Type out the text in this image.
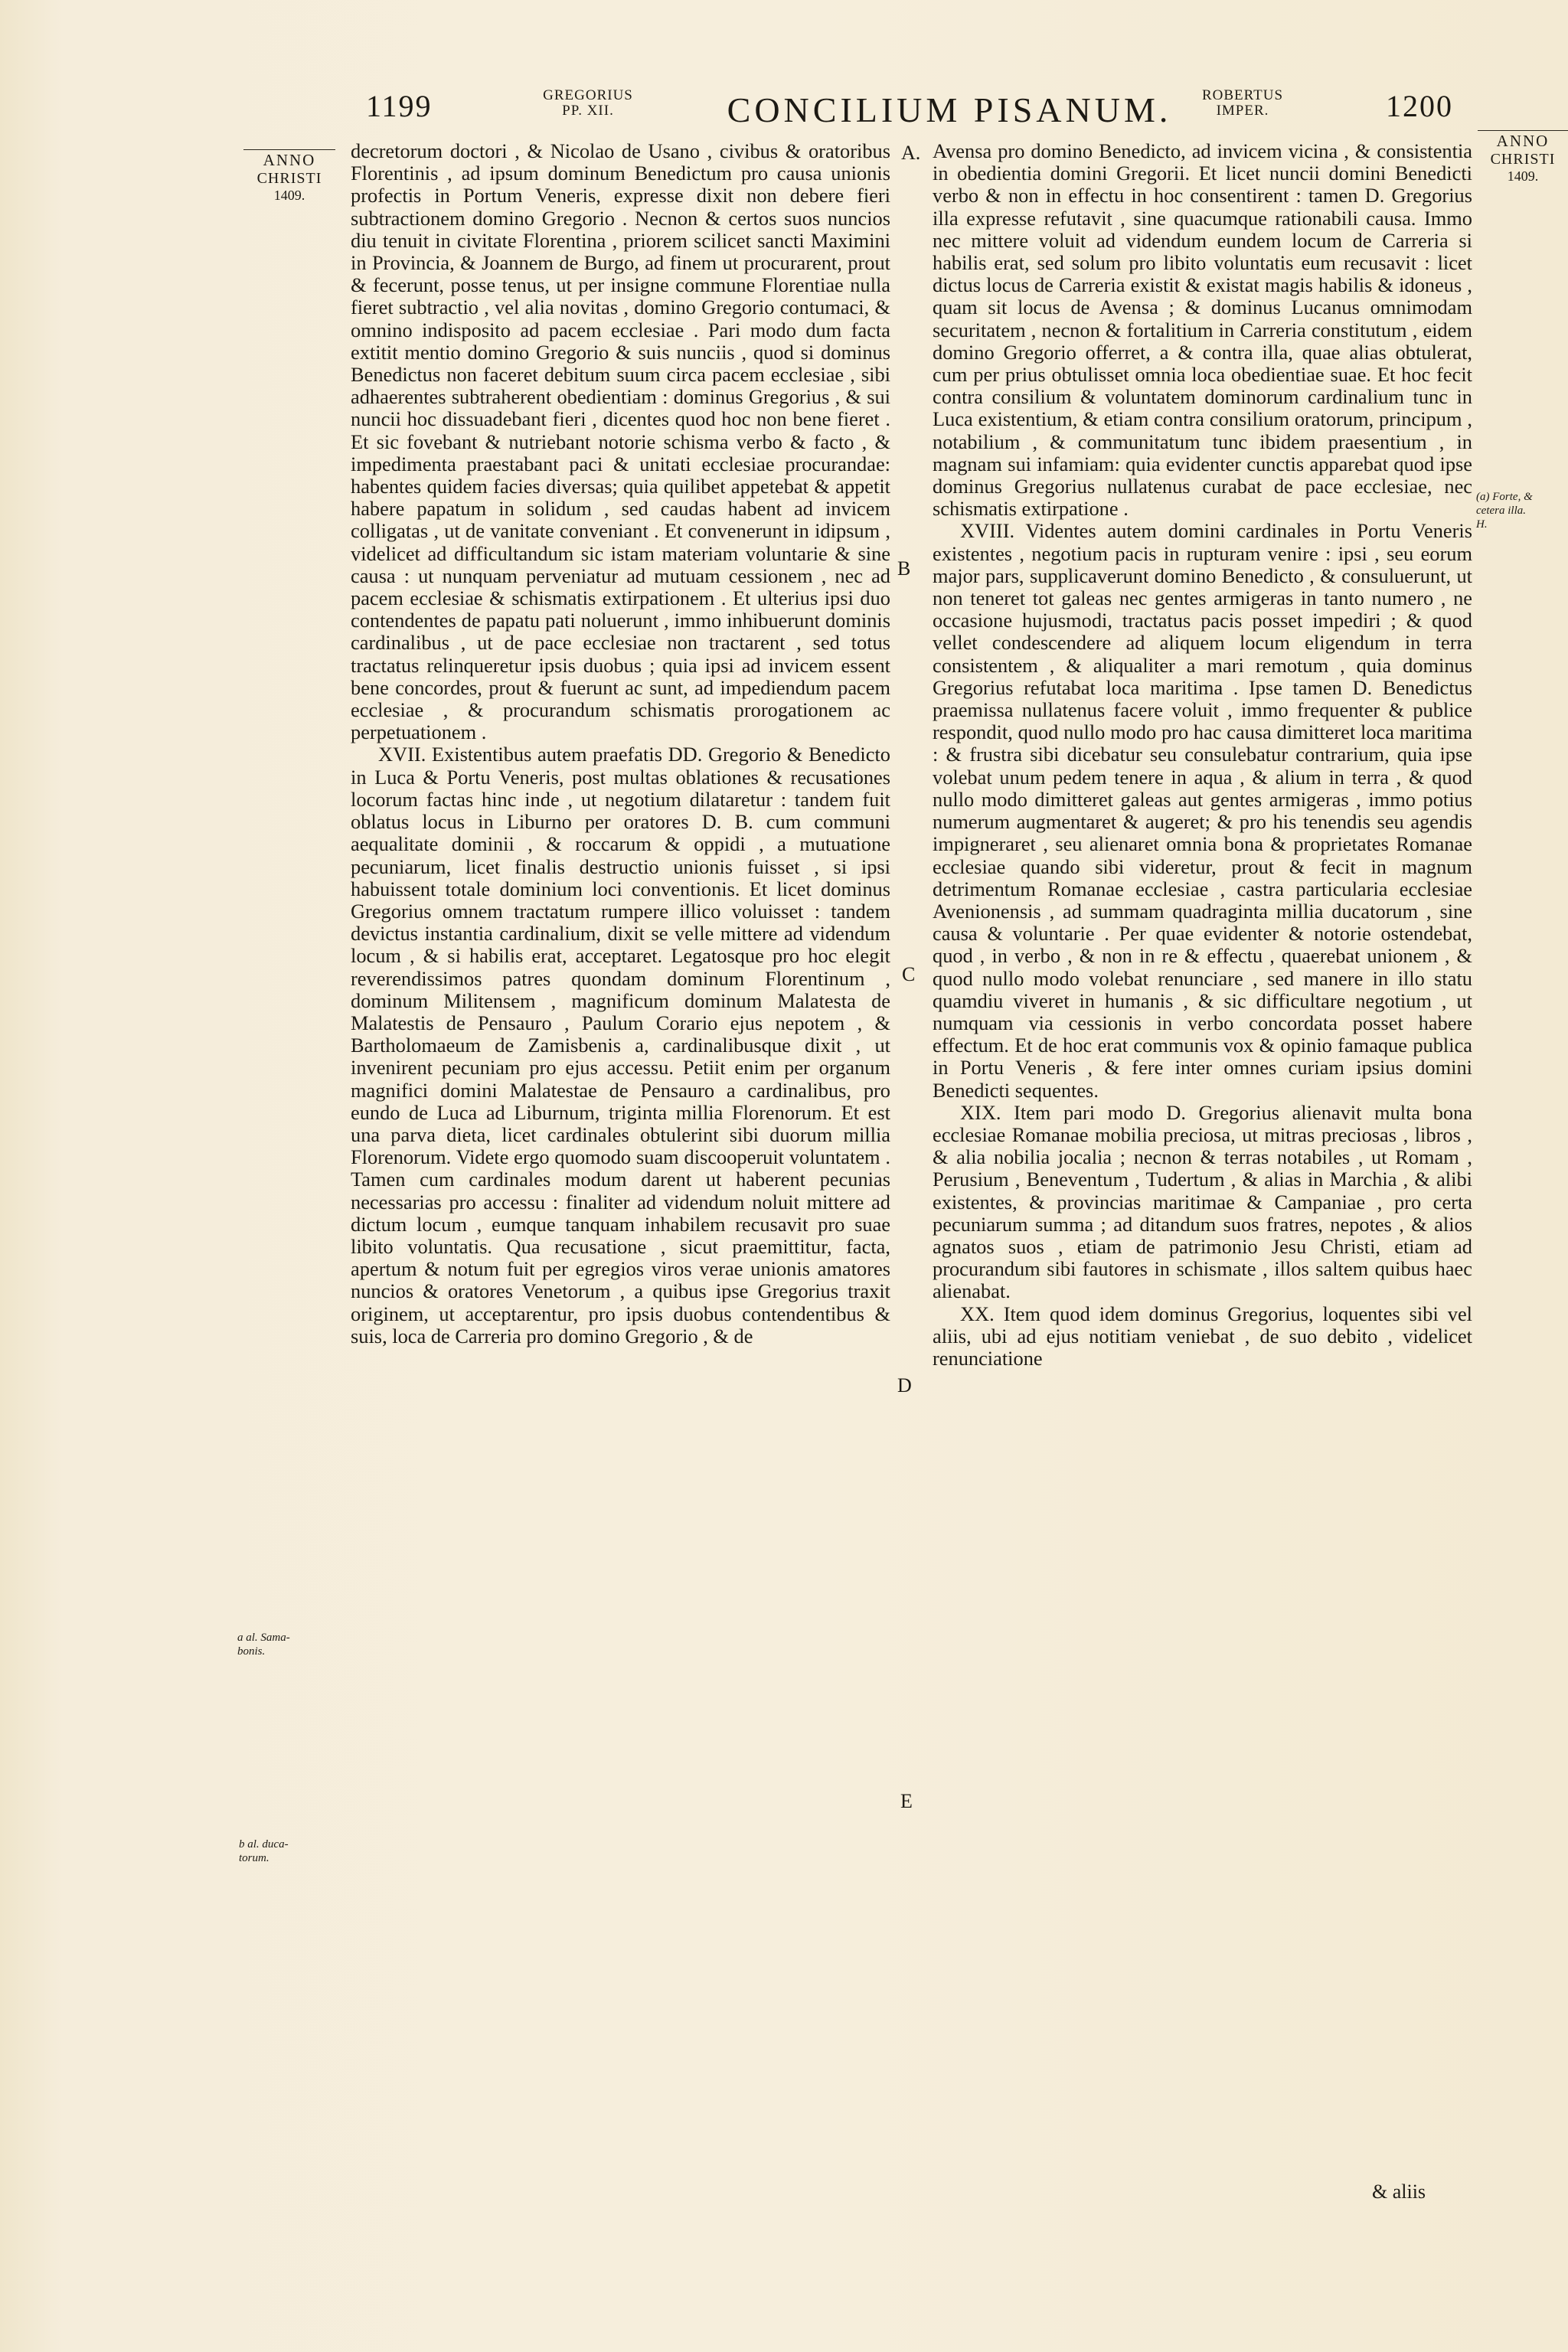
1199	GREGORIUS
PP. XII.	CONCILIUM PISANUM.	ROBERTUS
IMPER.	1200
ANNO
CHRISTI
1409.
ANNO
CHRISTI
1409.
a al. Sama-
bonis.
b al. duca-
torum.
(a) Forte, &
cetera illa.
H.
A.
B
C
D
E

decretorum doctori , & Nicolao de Usano , civibus & oratoribus Florentinis , ad ipsum dominum Benedictum pro causa unionis profectis in Portum Veneris, expresse dixit non debere fieri subtractionem domino Gregorio . Necnon & certos suos nuncios diu tenuit in civitate Florentina , priorem scilicet sancti Maximini in Provincia, & Joannem de Burgo, ad finem ut procurarent, prout & fecerunt, posse tenus, ut per insigne commune Florentiae nulla fieret subtractio , vel alia novitas , domino Gregorio contumaci, & omnino indisposito ad pacem ecclesiae . Pari modo dum facta extitit mentio domino Gregorio & suis nunciis , quod si dominus Benedictus non faceret debitum suum circa pacem ecclesiae , sibi adhaerentes subtraherent obedientiam : dominus Gregorius , & sui nuncii hoc dissuadebant fieri , dicentes quod hoc non bene fieret . Et sic fovebant & nutriebant notorie schisma verbo & facto , & impedimenta praestabant paci & unitati ecclesiae procurandae: habentes quidem facies diversas; quia quilibet appetebat & appetit habere papatum in solidum , sed caudas habent ad invicem colligatas , ut de vanitate conveniant . Et convenerunt in idipsum , videlicet ad difficultandum sic istam materiam voluntarie & sine causa : ut nunquam perveniatur ad mutuam cessionem , nec ad pacem ecclesiae & schismatis extirpationem . Et ulterius ipsi duo contendentes de papatu pati noluerunt , immo inhibuerunt dominis cardinalibus , ut de pace ecclesiae non tractarent , sed totus tractatus relinqueretur ipsis duobus ; quia ipsi ad invicem essent bene concordes, prout & fuerunt ac sunt, ad impediendum pacem ecclesiae , & procurandum schismatis prorogationem ac perpetuationem .

XVII. Existentibus autem praefatis DD. Gregorio & Benedicto in Luca & Portu Veneris, post multas oblationes & recusationes locorum factas hinc inde , ut negotium dilataretur : tandem fuit oblatus locus in Liburno per oratores D. B. cum communi aequalitate dominii , & roccarum & oppidi , a mutuatione pecuniarum, licet finalis destructio unionis fuisset , si ipsi habuissent totale dominium loci conventionis. Et licet dominus Gregorius omnem tractatum rumpere illico voluisset : tandem devictus instantia cardinalium, dixit se velle mittere ad videndum locum , & si habilis erat, acceptaret. Legatosque pro hoc elegit reverendissimos patres quondam dominum Florentinum , dominum Militensem , magnificum dominum Malatesta de Malatestis de Pensauro , Paulum Corario ejus nepotem , & Bartholomaeum de Zamisbenis a, cardinalibusque dixit , ut invenirent pecuniam pro ejus accessu. Petiit enim per organum magnifici domini Malatestae de Pensauro a cardinalibus, pro eundo de Luca ad Liburnum, triginta millia Florenorum. Et est una parva dieta, licet cardinales obtulerint sibi duorum millia Florenorum. Videte ergo quomodo suam discooperuit voluntatem . Tamen cum cardinales modum darent ut haberent pecunias necessarias pro accessu : finaliter ad videndum noluit mittere ad dictum locum , eumque tanquam inhabilem recusavit pro suae libito voluntatis. Qua recusatione , sicut praemittitur, facta, apertum & notum fuit per egregios viros verae unionis amatores nuncios & oratores Venetorum , a quibus ipse Gregorius traxit originem, ut acceptarentur, pro ipsis duobus contendentibus & suis, loca de Carreria pro domino Gregorio , & de

Avensa pro domino Benedicto, ad invicem vicina , & consistentia in obedientia domini Gregorii. Et licet nuncii domini Benedicti verbo & non in effectu in hoc consentirent : tamen D. Gregorius illa expresse refutavit , sine quacumque rationabili causa. Immo nec mittere voluit ad videndum eundem locum de Carreria si habilis erat, sed solum pro libito voluntatis eum recusavit : licet dictus locus de Carreria existit & existat magis habilis & idoneus , quam sit locus de Avensa ; & dominus Lucanus omnimodam securitatem , necnon & fortalitium in Carreria constitutum , eidem domino Gregorio offerret, a & contra illa, quae alias obtulerat, cum per prius obtulisset omnia loca obedientiae suae. Et hoc fecit contra consilium & voluntatem dominorum cardinalium tunc in Luca existentium, & etiam contra consilium oratorum, principum , notabilium , & communitatum tunc ibidem praesentium , in magnam sui infamiam: quia evidenter cunctis apparebat quod ipse dominus Gregorius nullatenus curabat de pace ecclesiae, nec schismatis extirpatione .

XVIII. Videntes autem domini cardinales in Portu Veneris existentes , negotium pacis in rupturam venire : ipsi , seu eorum major pars, supplicaverunt domino Benedicto , & consuluerunt, ut non teneret tot galeas nec gentes armigeras in tanto numero , ne occasione hujusmodi, tractatus pacis posset impediri ; & quod vellet condescendere ad aliquem locum eligendum in terra consistentem , & aliqualiter a mari remotum , quia dominus Gregorius refutabat loca maritima . Ipse tamen D. Benedictus praemissa nullatenus facere voluit , immo frequenter & publice respondit, quod nullo modo pro hac causa dimitteret loca maritima : & frustra sibi dicebatur seu consulebatur contrarium, quia ipse volebat unum pedem tenere in aqua , & alium in terra , & quod nullo modo dimitteret galeas aut gentes armigeras , immo potius numerum augmentaret & augeret; & pro his tenendis seu agendis impigneraret , seu alienaret omnia bona & proprietates Romanae ecclesiae quando sibi videretur, prout & fecit in magnum detrimentum Romanae ecclesiae , castra particularia ecclesiae Avenionensis , ad summam quadraginta millia ducatorum , sine causa & voluntarie . Per quae evidenter & notorie ostendebat, quod , in verbo , & non in re & effectu , quaerebat unionem , & quod nullo modo volebat renunciare , sed manere in illo statu quamdiu viveret in humanis , & sic difficultare negotium , ut numquam via cessionis in verbo concordata posset habere effectum. Et de hoc erat communis vox & opinio famaque publica in Portu Veneris , & fere inter omnes curiam ipsius domini Benedicti sequentes.

XIX. Item pari modo D. Gregorius alienavit multa bona ecclesiae Romanae mobilia preciosa, ut mitras preciosas , libros , & alia nobilia jocalia ; necnon & terras notabiles , ut Romam , Perusium , Beneventum , Tudertum , & alias in Marchia , & alibi existentes, & provincias maritimae & Campaniae , pro certa pecuniarum summa ; ad ditandum suos fratres, nepotes , & alios agnatos suos , etiam de patrimonio Jesu Christi, etiam ad procurandum sibi fautores in schismate , illos saltem quibus haec alienabat.

XX. Item quod idem dominus Gregorius, loquentes sibi vel aliis, ubi ad ejus notitiam veniebat , de suo debito , videlicet renunciatione

& aliis
